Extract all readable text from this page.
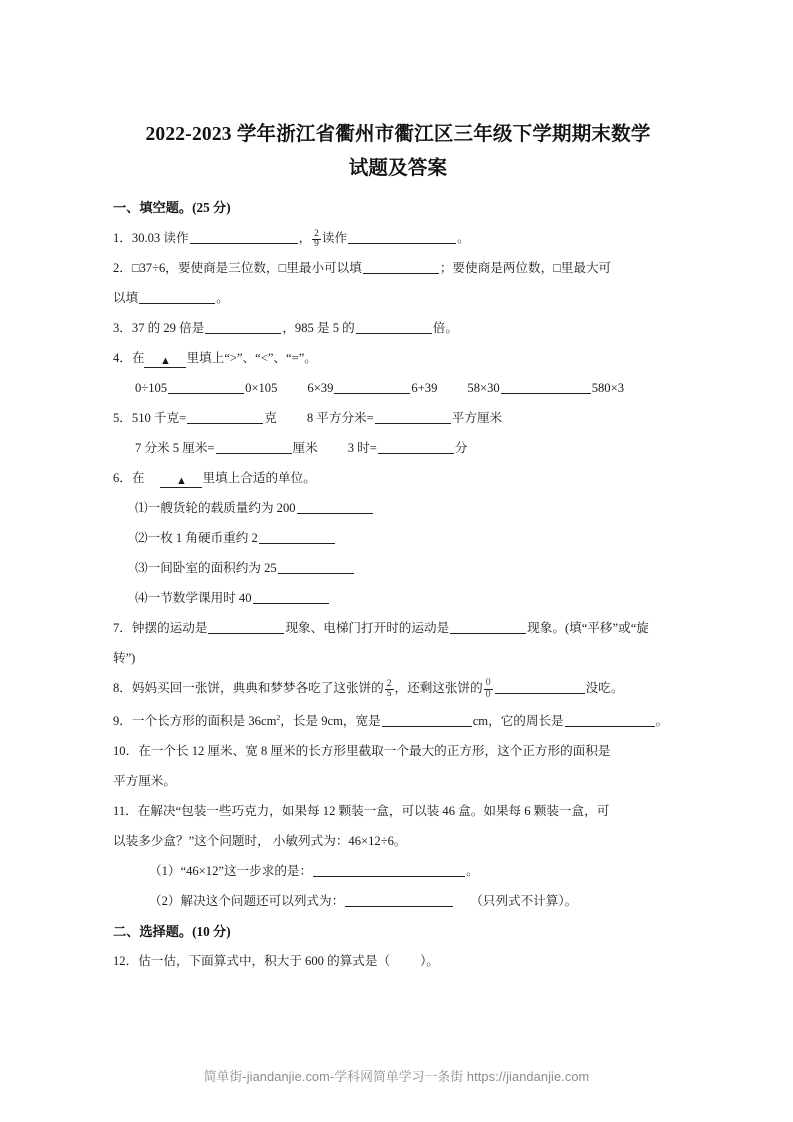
2022-2023 学年浙江省衢州市衢江区三年级下学期期末数学
试题及答案
一、填空题。(25 分)
1．30.03 读作	， $\frac{2}{9}$ 读作	。
2．□37÷6，要使商是三位数，□里最小可以填	；要使商是两位数，□里最大可
以填	。
3．37 的 29 倍是	，985 是 5 的	倍。
4．在 ▲ 里填上“>”、“<”、“=”。
0÷105	0×105 6×39	6+39 58×30	580×3
5．510 千克=	克 8 平方分米=	平方厘米
7 分米 5 厘米=	厘米 3 时=	分
6．在	▲ 里填上合适的单位。
⑴一艘货轮的载质量约为 200
⑵一枚 1 角硬币重约 2
⑶一间卧室的面积约为 25
⑷一节数学课用时 40
7．钟摆的运动是	现象、电梯门打开时的运动是	现象。(填“平移”或“旋
转”)
8．妈妈买回一张饼，典典和梦梦各吃了这张饼的 $\frac{2}{5}$ ，还剩这张饼的 $\frac{0}{0}$	没吃。
9．一个长方形的面积是 $36cm^2$，长是 9cm，宽是	cm，它的周长是	。
10．在一个长 12 厘米、宽 8 厘米的长方形里截取一个最大的正方形，这个正方形的面积是
平方厘米。
11．在解决“包装一些巧克力，如果每 12 颗装一盒，可以装 46 盒。如果每 6 颗装一盒，可
以装多少盒？”这个问题时， 小敏列式为：46×12÷6。
（1）“46×12”这一步求的是：	。
（2）解决这个问题还可以列式为：	（只列式不计算）。
二、选择题。(10 分)
12．估一估，下面算式中，积大于 600 的算式是（ ）。
简单街-jiandanjie.com-学科网简单学习一条街 https://jiandanjie.com
